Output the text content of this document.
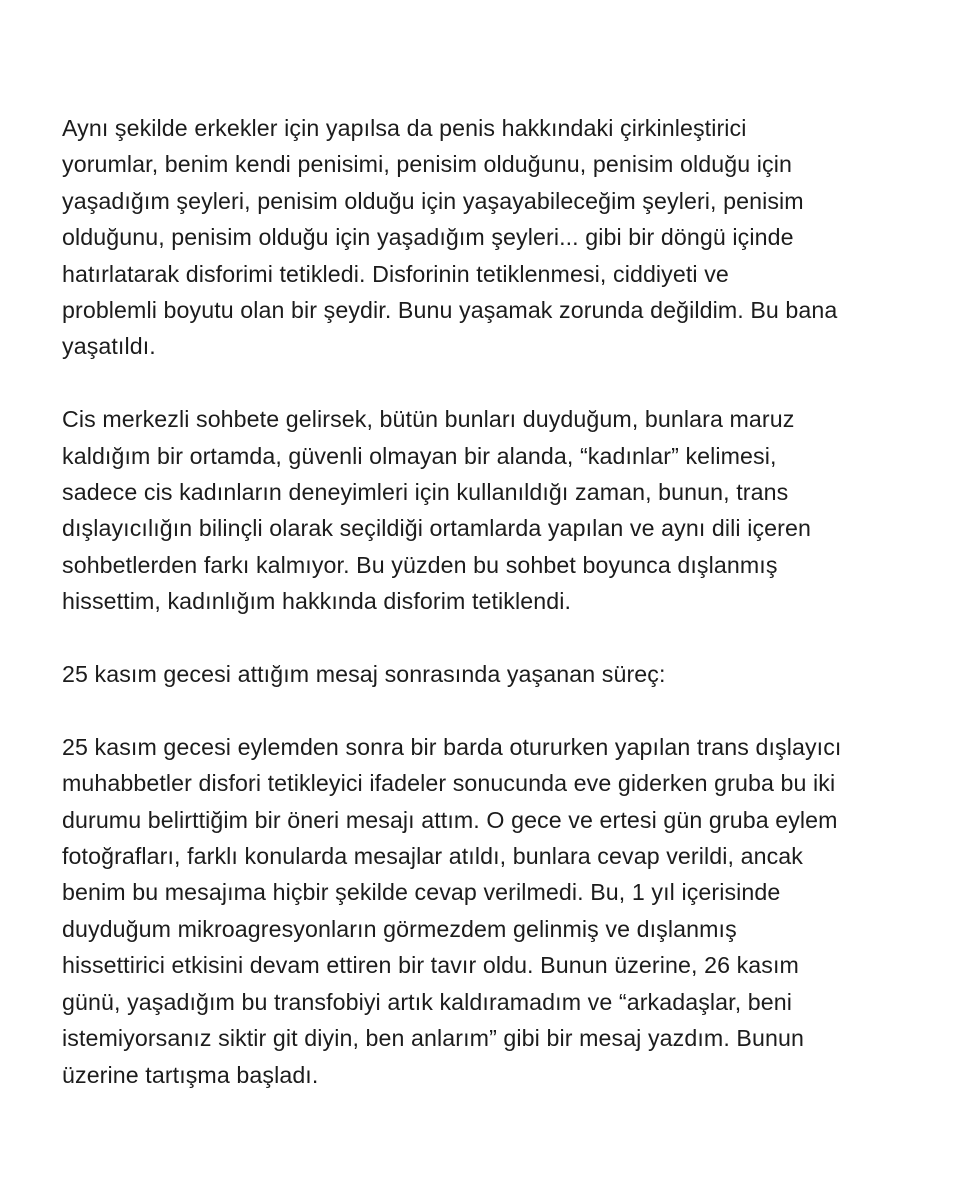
Aynı şekilde erkekler için yapılsa da penis hakkındaki çirkinleştirici
yorumlar, benim kendi penisimi, penisim olduğunu, penisim olduğu için
yaşadığım şeyleri, penisim olduğu için yaşayabileceğim şeyleri, penisim
olduğunu, penisim olduğu için yaşadığım şeyleri... gibi bir döngü içinde
hatırlatarak disforimi tetikledi. Disforinin tetiklenmesi, ciddiyeti ve
problemli boyutu olan bir şeydir. Bunu yaşamak zorunda değildim. Bu bana
yaşatıldı.

Cis merkezli sohbete gelirsek, bütün bunları duyduğum, bunlara maruz
kaldığım bir ortamda, güvenli olmayan bir alanda, “kadınlar” kelimesi,
sadece cis kadınların deneyimleri için kullanıldığı zaman, bunun, trans
dışlayıcılığın bilinçli olarak seçildiği ortamlarda yapılan ve aynı dili içeren
sohbetlerden farkı kalmıyor. Bu yüzden bu sohbet boyunca dışlanmış
hissettim, kadınlığım hakkında disforim tetiklendi.

25 kasım gecesi attığım mesaj sonrasında yaşanan süreç:

25 kasım gecesi eylemden sonra bir barda otururken yapılan trans dışlayıcı
muhabbetler disfori tetikleyici ifadeler sonucunda eve giderken gruba bu iki
durumu belirttiğim bir öneri mesajı attım. O gece ve ertesi gün gruba eylem
fotoğrafları, farklı konularda mesajlar atıldı, bunlara cevap verildi, ancak
benim bu mesajıma hiçbir şekilde cevap verilmedi. Bu, 1 yıl içerisinde
duyduğum mikroagresyonların görmezdem gelinmiş ve dışlanmış
hissettirici etkisini devam ettiren bir tavır oldu. Bunun üzerine, 26 kasım
günü, yaşadığım bu transfobiyi artık kaldıramadım ve “arkadaşlar, beni
istemiyorsanız siktir git diyin, ben anlarım” gibi bir mesaj yazdım. Bunun
üzerine tartışma başladı.
